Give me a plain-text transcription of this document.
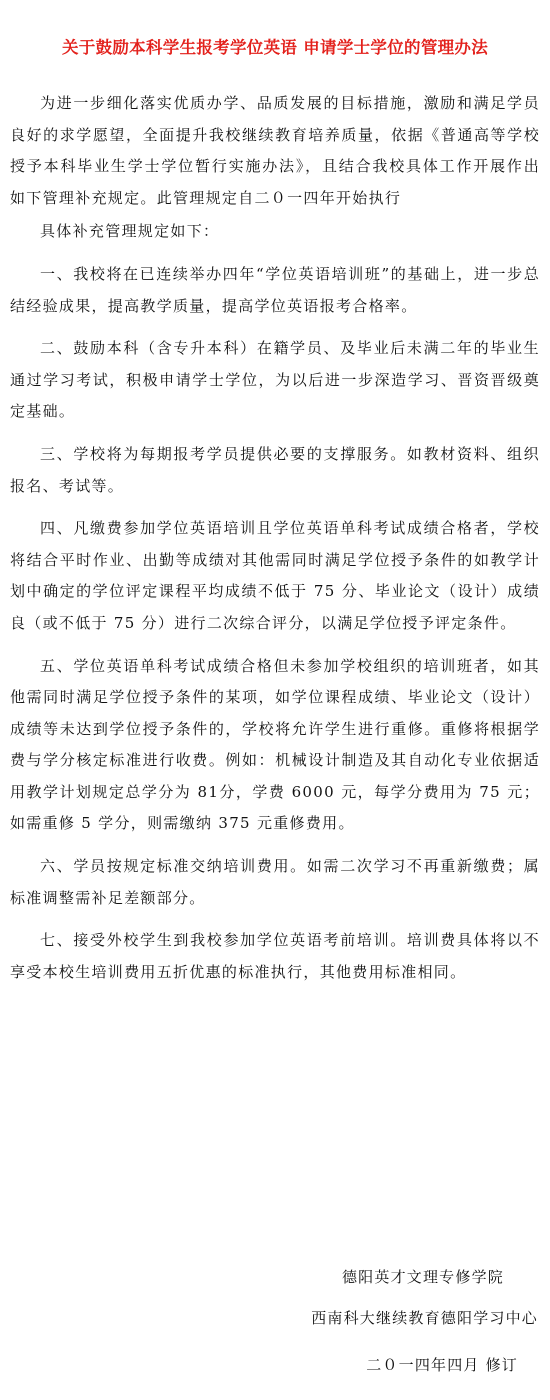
关于鼓励本科学生报考学位英语 申请学士学位的管理办法

为进一步细化落实优质办学、品质发展的目标措施，激励和满足学员良好的求学愿望，全面提升我校继续教育培养质量，依据《普通高等学校授予本科毕业生学士学位暂行实施办法》，且结合我校具体工作开展作出如下管理补充规定。此管理规定自二０一四年开始执行

具体补充管理规定如下：

一、我校将在已连续举办四年“学位英语培训班”的基础上，进一步总结经验成果，提高教学质量，提高学位英语报考合格率。

二、鼓励本科（含专升本科）在籍学员、及毕业后未满二年的毕业生通过学习考试，积极申请学士学位，为以后进一步深造学习、晋资晋级奠定基础。

三、学校将为每期报考学员提供必要的支撑服务。如教材资料、组织报名、考试等。

四、凡缴费参加学位英语培训且学位英语单科考试成绩合格者，学校将结合平时作业、出勤等成绩对其他需同时满足学位授予条件的如教学计划中确定的学位评定课程平均成绩不低于 75 分、毕业论文（设计）成绩良（或不低于 75 分）进行二次综合评分，以满足学位授予评定条件。

五、学位英语单科考试成绩合格但未参加学校组织的培训班者，如其他需同时满足学位授予条件的某项，如学位课程成绩、毕业论文（设计）成绩等未达到学位授予条件的，学校将允许学生进行重修。重修将根据学费与学分核定标准进行收费。例如：机械设计制造及其自动化专业依据适用教学计划规定总学分为 81分，学费 6000 元，每学分费用为 75 元；如需重修 5 学分，则需缴纳 375 元重修费用。

六、学员按规定标准交纳培训费用。如需二次学习不再重新缴费；属标准调整需补足差额部分。

七、接受外校学生到我校参加学位英语考前培训。培训费具体将以不享受本校生培训费用五折优惠的标准执行，其他费用标准相同。

德阳英才文理专修学院
西南科大继续教育德阳学习中心
二０一四年四月 修订
